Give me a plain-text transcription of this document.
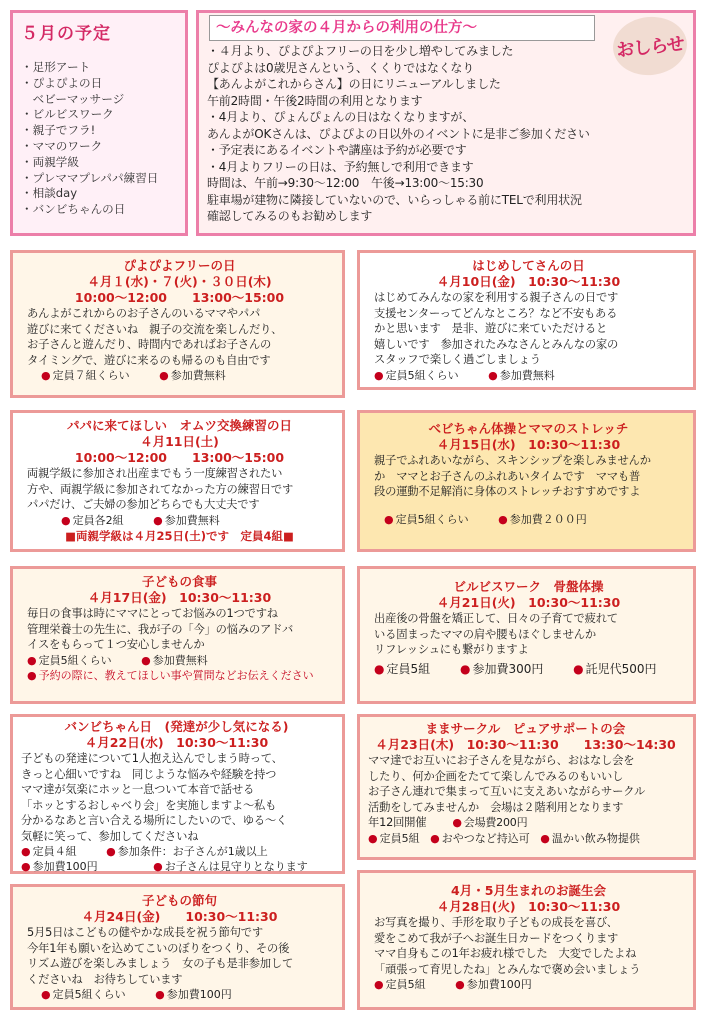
５月の予定
・足形アート
・ぴよぴよの日
　ベビーマッサージ
・ビルビスワーク
・親子でフラ!
・ママのワーク
・両親学級
・プレママプレパパ練習日
・相談day
・バンビちゃんの日
～みんなの家の４月からの利用の仕方～
おしらせ

・４月より、ぴよぴよフリーの日を少し増やしてみました

ぴよぴよは0歳児さんという、くくりではなくなり

【あんよがこれからさん】の日にリニューアルしました

午前2時間・午後2時間の利用となります

・4月より、ぴょんぴょんの日はなくなりますが、

あんよがOKさんは、ぴよぴよの日以外のイベントに是非ご参加ください

・予定表にあるイベントや講座は予約が必要です

・4月よりフリーの日は、予約無しで利用できます

時間は、午前→9:30～12:00　午後→13:00～15:30

駐車場が建物に隣接していないので、いらっしゃる前にTELで利用状況

確認してみるのもお勧めします

ぴよぴよフリーの日
４月１(水)・７(火)・３０日(木)
10:00～12:00　　13:00～15:00
あんよがこれからのお子さんのいるママやパパ
遊びに来てくださいね　親子の交流を楽しんだり、
お子さんと遊んだり、時間内であればお子さんの
タイミングで、遊びに来るのも帰るのも自由です
● 定員７組くらい	● 参加費無料
はじめしてさんの日
４月10日(金)　10:30～11:30
はじめてみんなの家を利用する親子さんの日です
支援センターってどんなところ？など不安もある
かと思います　是非、遊びに来ていただけると
嬉しいです　参加されたみなさんとみんなの家の
スタッフで楽しく過ごしましょう
● 定員5組くらい	● 参加費無料
パパに来てほしい　オムツ交換練習の日
４月11日(土)
10:00～12:00　　13:00～15:00
両親学級に参加され出産までもう一度練習されたい
方や、両親学級に参加されてなかった方の練習日です
パパだけ、ご夫婦の参加どちらでも大丈夫です
● 定員各2組	● 参加費無料
■両親学級は４月25日(土)です　定員4組■
べビちゃん体操とママのストレッチ
４月15日(水)　10:30～11:30
親子でふれあいながら、スキンシップを楽しみませんか
か　ママとお子さんのふれあいタイムです　ママも普
段の運動不足解消に身体のストレッチおすすめですよ
● 定員5組くらい	● 参加費２００円
子どもの食事
４月17日(金)　10:30～11:30
毎日の食事は時にママにとってお悩みの1つですね
管理栄養士の先生に、我が子の「今」の悩みのアドバ
イスをもらって１つ安心しませんか
● 定員5組くらい	● 参加費無料
● 予約の際に、教えてほしい事や質問などお伝えください
ビルビスワーク　骨盤体操
４月21日(火)　10:30～11:30
出産後の骨盤を矯正して、日々の子育てで疲れて
いる固まったママの肩や腰もほぐしませんか
リフレッシュにも繋がりますよ
● 定員5組 ● 参加費300円 ● 託児代500円
バンビちゃん日　(発達が少し気になる)
４月22日(水)　10:30～11:30
子どもの発達について1人抱え込んでしまう時って、
きっと心細いですね　同じような悩みや経験を持つ
ママ達が気楽にホッと一息ついて本音で話せる
「ホッとするおしゃべり会」を実施しますよ～私も
分かるなあと言い合える場所にしたいので、ゆる～く
気軽に笑って、参加してくださいね
● 定員４組	● 参加条件：お子さんが1歳以上
● 参加費100円	● お子さんは見守りとなります
ままサークル　ピュアサポートの会
４月23日(木)　10:30～11:30　　13:30～14:30
ママ達でお互いにお子さんを見ながら、おはなし会を
したり、何か企画をたてて楽しんでみるのもいいし
お子さん連れで集まって互いに支えあいながらサークル
活動をしてみませんか　会場は２階利用となります
年12回開催 ● 会場費200円
● 定員5組 ● おやつなど持込可 ● 温かい飲み物提供
子どもの節句
４月24日(金)　　10:30～11:30
5月5日はこどもの健やかな成長を祝う節句です
今年1年も願いを込めてこいのぼりをつくり、その後
リズム遊びを楽しみましょう　女の子も是非参加して
くださいね　お待ちしています
● 定員5組くらい	● 参加費100円
4月・5月生まれのお誕生会
４月28日(火)　10:30～11:30
お写真を撮り、手形を取り子どもの成長を喜び、
愛をこめて我が子へお誕生日カードをつくります
ママ自身もこの1年お疲れ様でした　大変でしたよね
「頑張って育児したね」とみんなで褒め会いましょう
● 定員5組	● 参加費100円
